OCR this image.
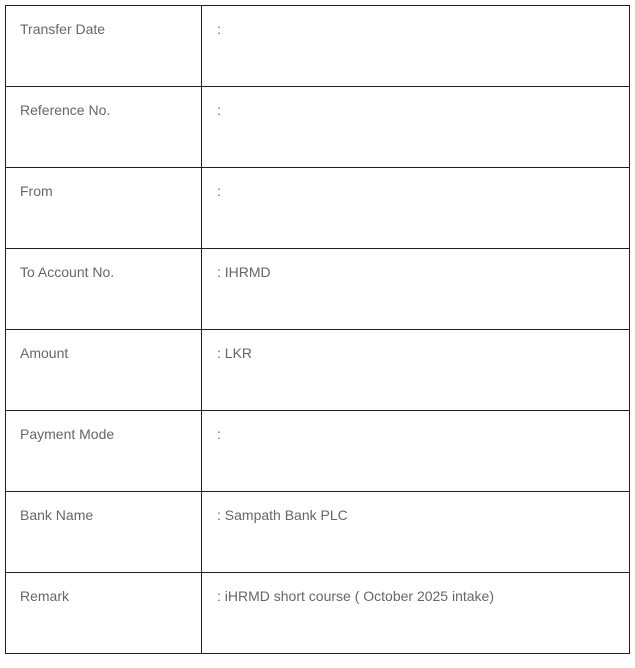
Transfer Date	:
Reference No.	:
From	:
To Account No.	: IHRMD
Amount	: LKR
Payment Mode	:
Bank Name	: Sampath Bank PLC
Remark	: iHRMD short course ( October 2025 intake)
